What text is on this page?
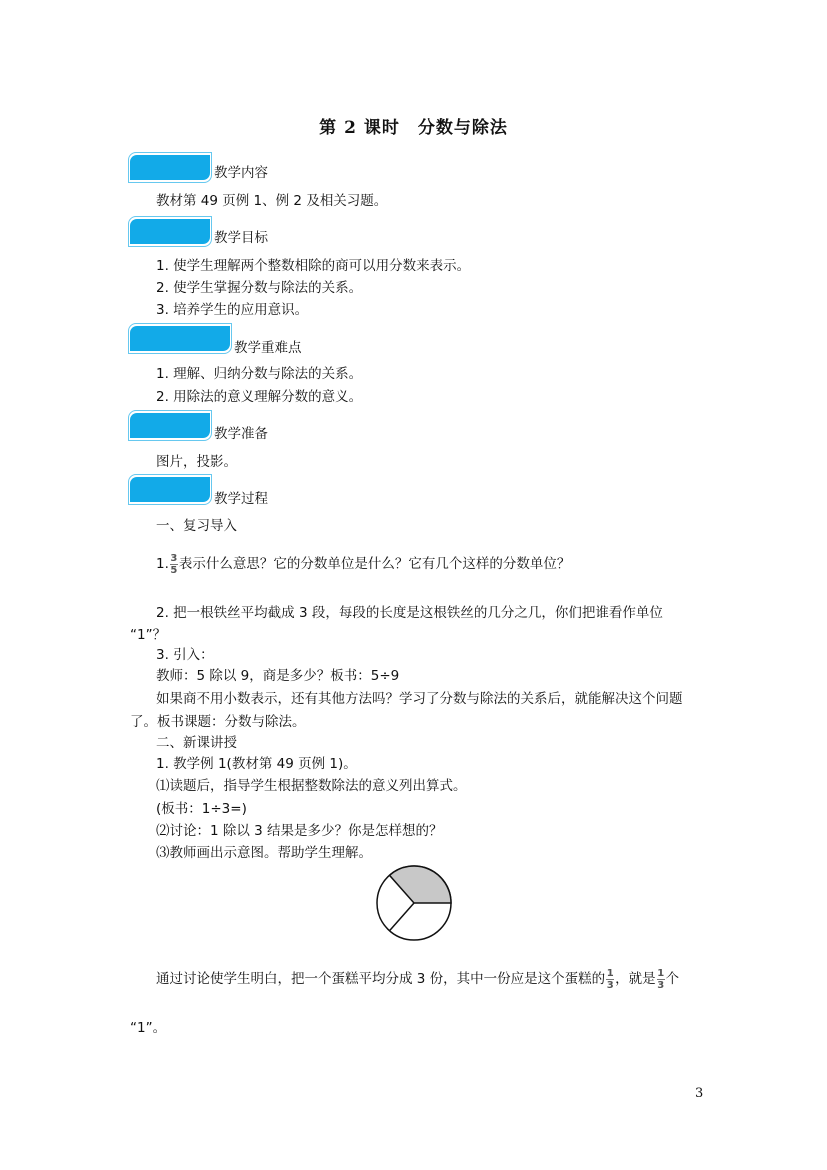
第 2 课时　分数与除法
教学内容
教材第 49 页例 1、例 2 及相关习题。
教学目标
1. 使学生理解两个整数相除的商可以用分数来表示。
2. 使学生掌握分数与除法的关系。
3. 培养学生的应用意识。
教学重难点
1. 理解、归纳分数与除法的关系。
2. 用除法的意义理解分数的意义。
教学准备
图片，投影。
教学过程
一、复习导入
1. $\frac{3}{5}$ 表示什么意思？它的分数单位是什么？它有几个这样的分数单位？
2. 把一根铁丝平均截成 3 段，每段的长度是这根铁丝的几分之几，你们把谁看作单位
“1”？
3. 引入：
教师：5 除以 9，商是多少？板书：5÷9
如果商不用小数表示，还有其他方法吗？学习了分数与除法的关系后，就能解决这个问题
了。板书课题：分数与除法。
二、新课讲授
1. 教学例 1(教材第 49 页例 1)。
⑴读题后，指导学生根据整数除法的意义列出算式。
(板书：1÷3=)
⑵讨论：1 除以 3 结果是多少？你是怎样想的？
⑶教师画出示意图。帮助学生理解。
通过讨论使学生明白，把一个蛋糕平均分成 3 份，其中一份应是这个蛋糕的 $\frac{1}{3}$ ，就是 $\frac{1}{3}$ 个
“1”。
3
